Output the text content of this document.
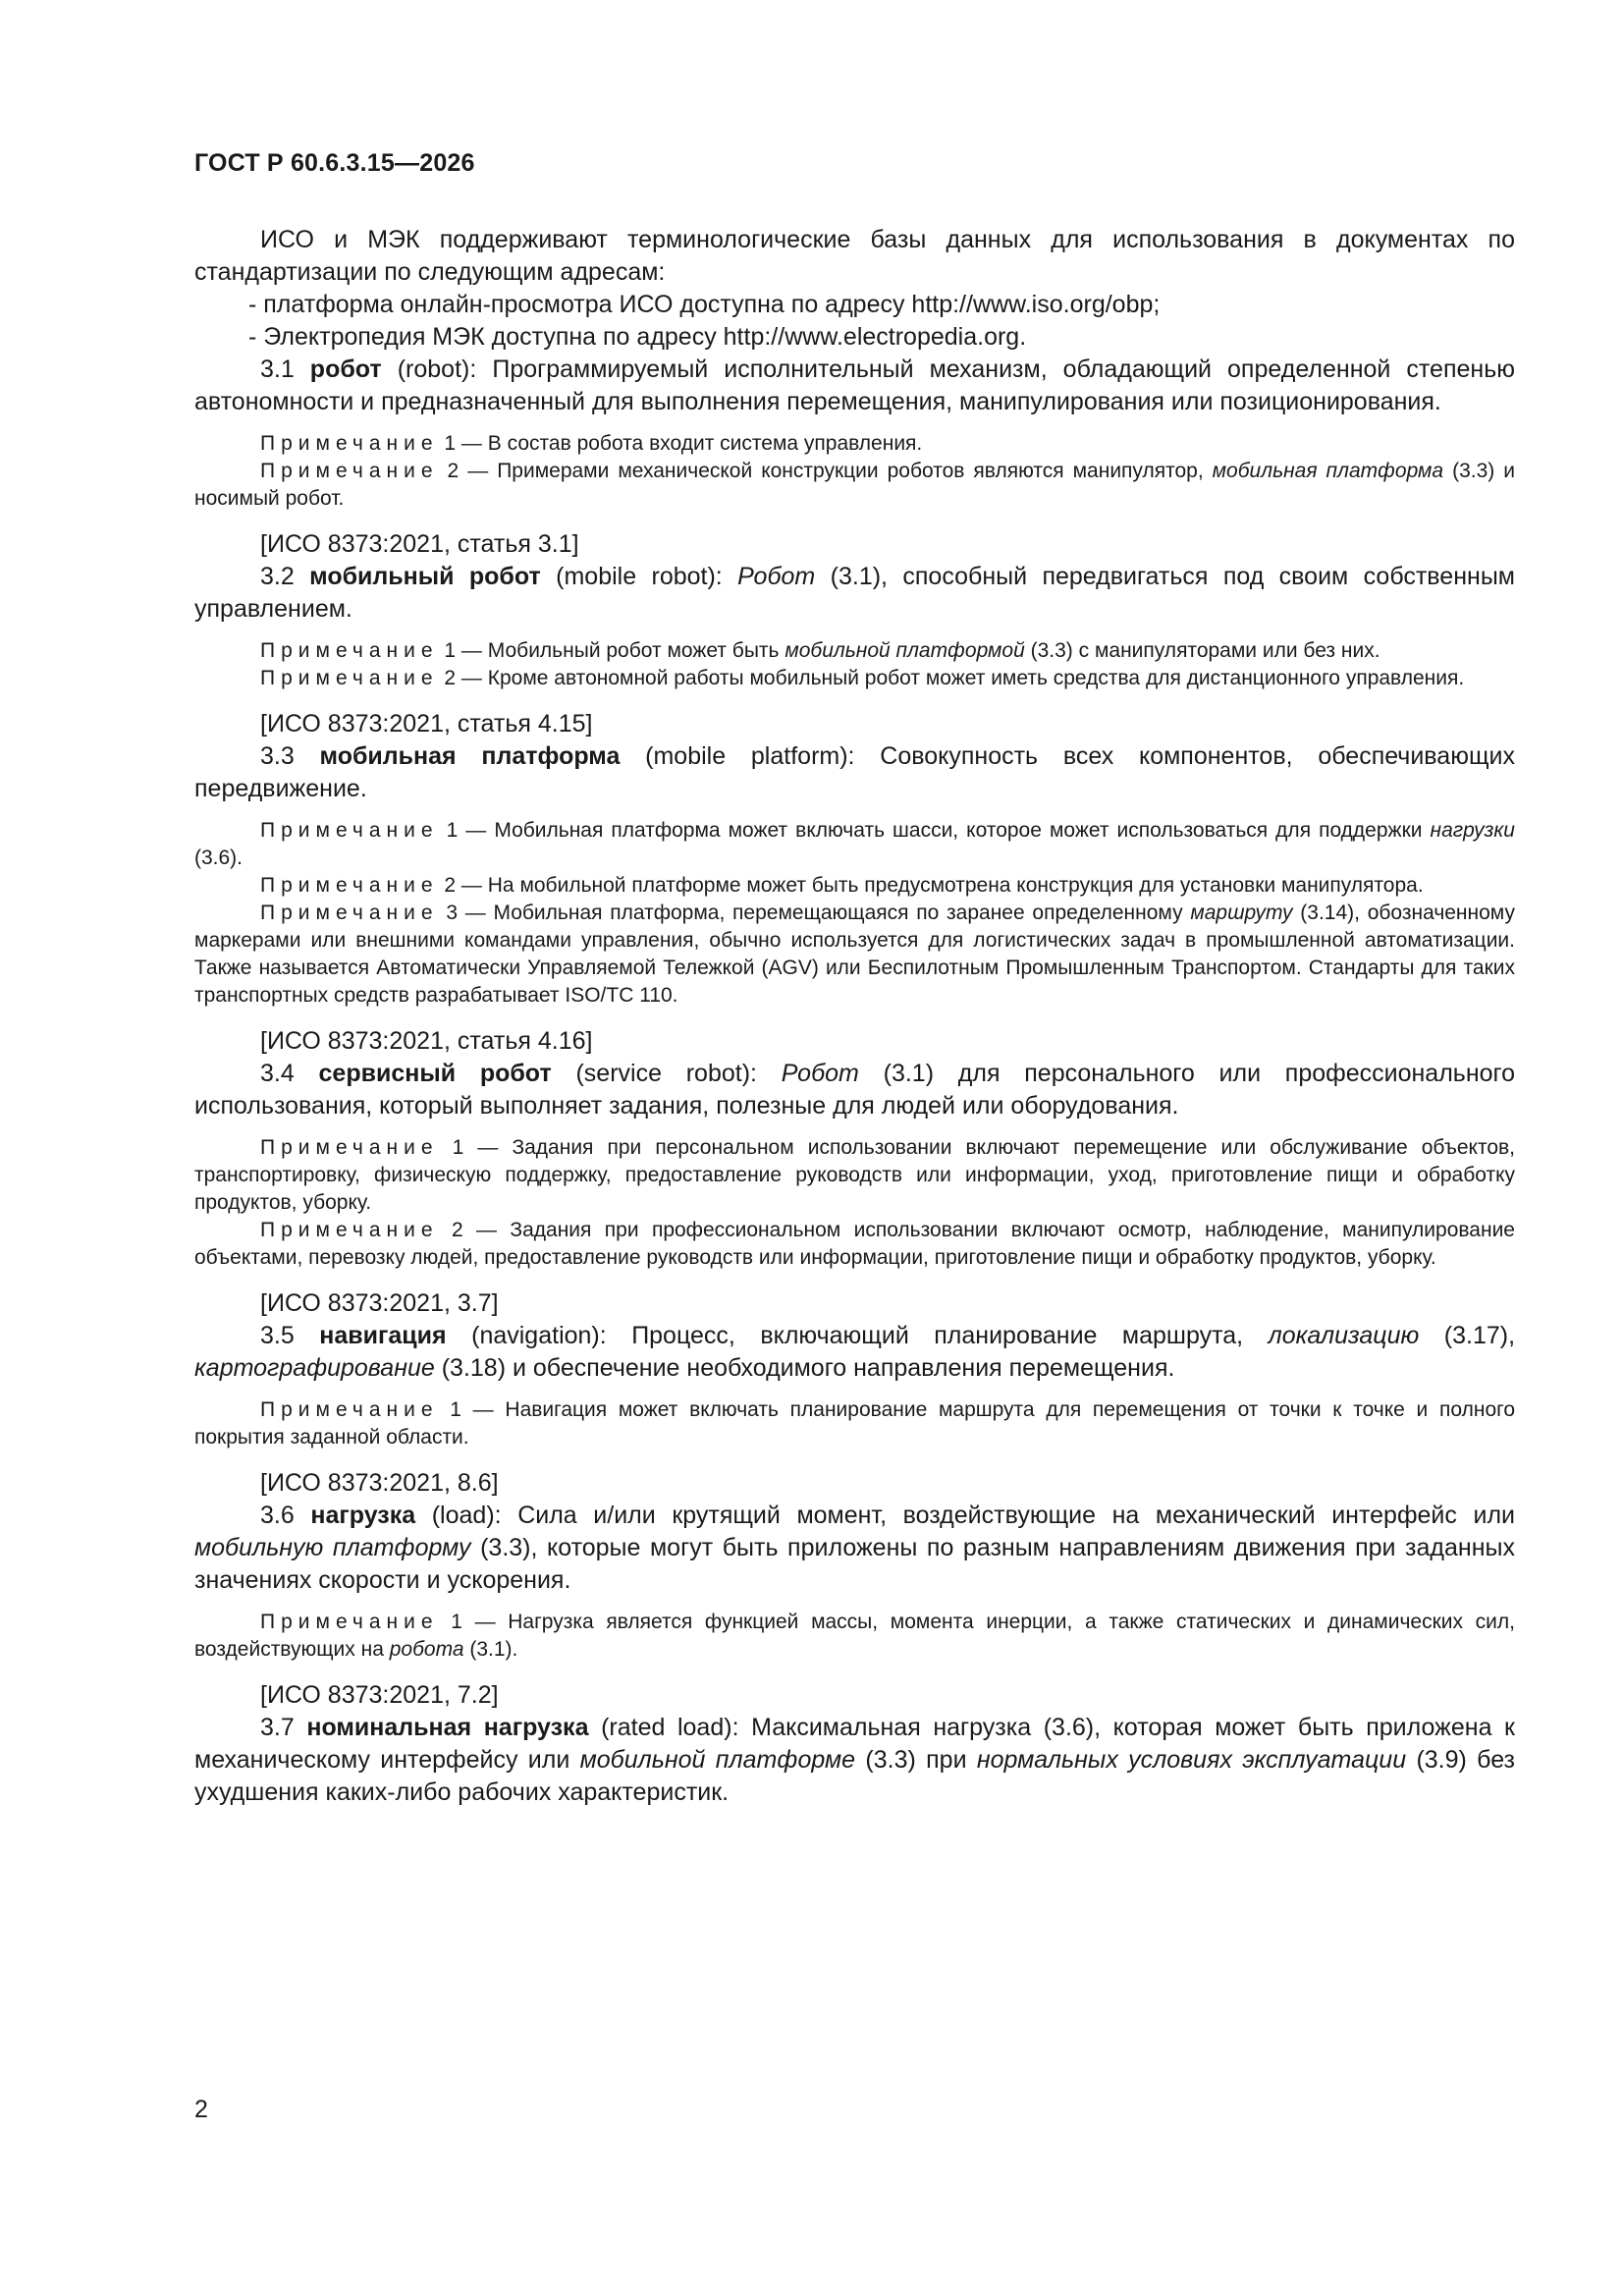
ГОСТ Р 60.6.3.15—2026

ИСО и МЭК поддерживают терминологические базы данных для использования в документах по стандартизации по следующим адресам:

- платформа онлайн-просмотра ИСО доступна по адресу http://www.iso.org/obp;

- Электропедия МЭК доступна по адресу http://www.electropedia.org.

3.1 робот (robot): Программируемый исполнительный механизм, обладающий определенной степенью автономности и предназначенный для выполнения перемещения, манипулирования или позиционирования.

Примечание 1 — В состав робота входит система управления.

Примечание 2 — Примерами механической конструкции роботов являются манипулятор, мобильная платформа (3.3) и носимый робот.

[ИСО 8373:2021, статья 3.1]

3.2 мобильный робот (mobile robot): Робот (3.1), способный передвигаться под своим собственным управлением.

Примечание 1 — Мобильный робот может быть мобильной платформой (3.3) с манипуляторами или без них.

Примечание 2 — Кроме автономной работы мобильный робот может иметь средства для дистанционного управления.

[ИСО 8373:2021, статья 4.15]

3.3 мобильная платформа (mobile platform): Совокупность всех компонентов, обеспечивающих передвижение.

Примечание 1 — Мобильная платформа может включать шасси, которое может использоваться для поддержки нагрузки (3.6).

Примечание 2 — На мобильной платформе может быть предусмотрена конструкция для установки манипулятора.

Примечание 3 — Мобильная платформа, перемещающаяся по заранее определенному маршруту (3.14), обозначенному маркерами или внешними командами управления, обычно используется для логистических задач в промышленной автоматизации. Также называется Автоматически Управляемой Тележкой (AGV) или Беспилотным Промышленным Транспортом. Стандарты для таких транспортных средств разрабатывает ISO/TC 110.

[ИСО 8373:2021, статья 4.16]

3.4 сервисный робот (service robot): Робот (3.1) для персонального или профессионального использования, который выполняет задания, полезные для людей или оборудования.

Примечание 1 — Задания при персональном использовании включают перемещение или обслуживание объектов, транспортировку, физическую поддержку, предоставление руководств или информации, уход, приготовление пищи и обработку продуктов, уборку.

Примечание 2 — Задания при профессиональном использовании включают осмотр, наблюдение, манипулирование объектами, перевозку людей, предоставление руководств или информации, приготовление пищи и обработку продуктов, уборку.

[ИСО 8373:2021, 3.7]

3.5 навигация (navigation): Процесс, включающий планирование маршрута, локализацию (3.17), картографирование (3.18) и обеспечение необходимого направления перемещения.

Примечание 1 — Навигация может включать планирование маршрута для перемещения от точки к точке и полного покрытия заданной области.

[ИСО 8373:2021, 8.6]

3.6 нагрузка (load): Сила и/или крутящий момент, воздействующие на механический интерфейс или мобильную платформу (3.3), которые могут быть приложены по разным направлениям движения при заданных значениях скорости и ускорения.

Примечание 1 — Нагрузка является функцией массы, момента инерции, а также статических и динамических сил, воздействующих на робота (3.1).

[ИСО 8373:2021, 7.2]

3.7 номинальная нагрузка (rated load): Максимальная нагрузка (3.6), которая может быть приложена к механическому интерфейсу или мобильной платформе (3.3) при нормальных условиях эксплуатации (3.9) без ухудшения каких-либо рабочих характеристик.

2
